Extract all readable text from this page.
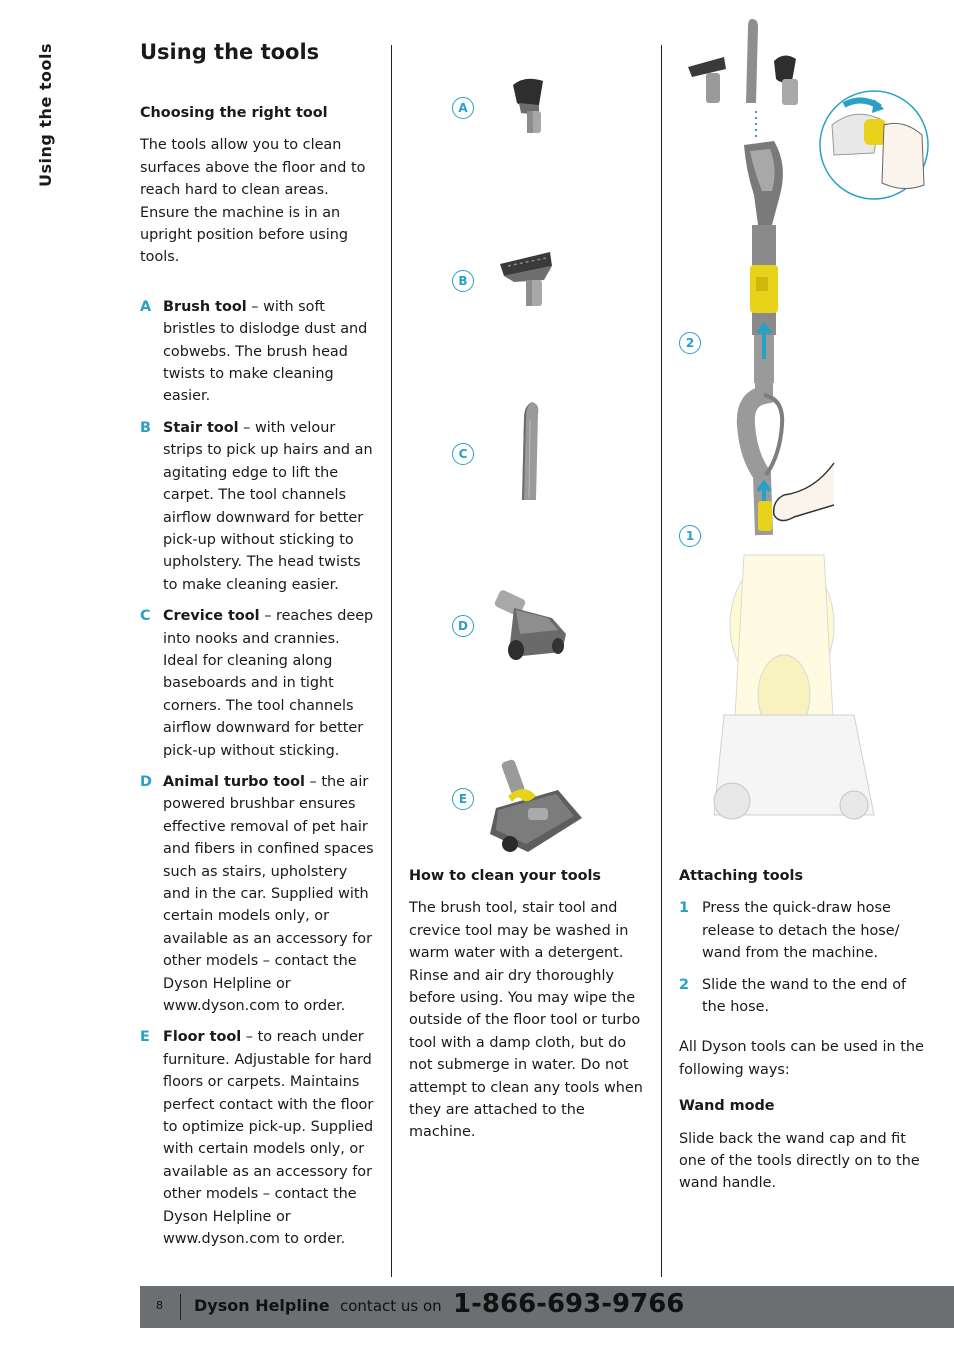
Using the tools	Using the tools

Choosing the right tool

The tools allow you to clean surfaces above the floor and to reach hard to clean areas. Ensure the machine is in an upright position before using tools.

A Brush tool – with soft bristles to dislodge dust and cobwebs. The brush head twists to make cleaning easier.
B Stair tool – with velour strips to pick up hairs and an agitating edge to lift the carpet. The tool channels airflow downward for better pick-up without sticking to upholstery. The head twists to make cleaning easier.
C Crevice tool – reaches deep into nooks and crannies. Ideal for cleaning along baseboards and in tight corners. The tool channels airflow downward for better pick-up without sticking.
D Animal turbo tool – the air powered brushbar ensures effective removal of pet hair and fibers in confined spaces such as stairs, upholstery and in the car. Supplied with certain models only, or available as an accessory for other models – contact the Dyson Helpline or www.dyson.com to order.
E Floor tool – to reach under furniture. Adjustable for hard floors or carpets. Maintains perfect contact with the floor to optimize pick-up. Supplied with certain models only, or available as an accessory for other models – contact the Dyson Helpline or www.dyson.com to order.
A
B
C
D
E

How to clean your tools

The brush tool, stair tool and crevice tool may be washed in warm water with a detergent. Rinse and air dry thoroughly before using. You may wipe the outside of the floor tool or turbo tool with a damp cloth, but do not submerge in water. Do not attempt to clean any tools when they are attached to the machine.

2
1

Attaching tools

1 Press the quick-draw hose release to detach the hose/ wand from the machine.
2 Slide the wand to the end of the hose.

All Dyson tools can be used in the following ways:

Wand mode

Slide back the wand cap and fit one of the tools directly on to the wand handle.

8 Dyson Helpline contact us on 1-866-693-9766
